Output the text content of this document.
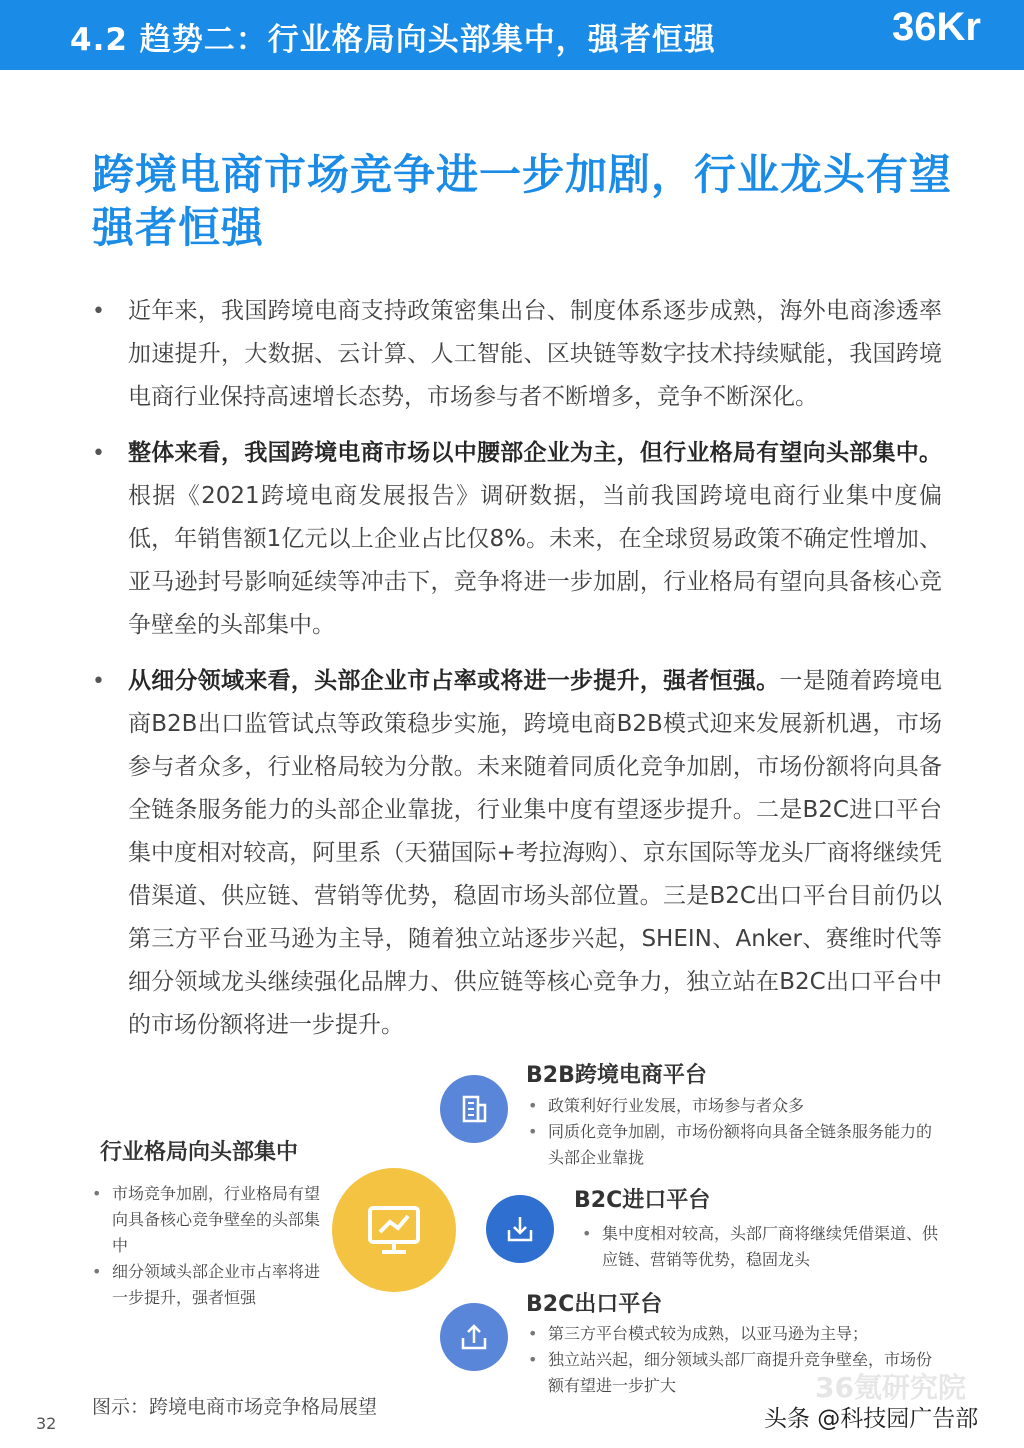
4.2 趋势二：行业格局向头部集中，强者恒强	36Kr
跨境电商市场竞争进一步加剧，行业龙头有望
强者恒强
• 近年来，我国跨境电商支持政策密集出台、制度体系逐步成熟，海外电商渗透率加速提升，大数据、云计算、人工智能、区块链等数字技术持续赋能，我国跨境电商行业保持高速增长态势，市场参与者不断增多，竞争不断深化。
• 整体来看，我国跨境电商市场以中腰部企业为主，但行业格局有望向头部集中。根据《2021跨境电商发展报告》调研数据，当前我国跨境电商行业集中度偏低，年销售额1亿元以上企业占比仅8%。未来，在全球贸易政策不确定性增加、亚马逊封号影响延续等冲击下，竞争将进一步加剧，行业格局有望向具备核心竞争壁垒的头部集中。
• 从细分领域来看，头部企业市占率或将进一步提升，强者恒强。一是随着跨境电商B2B出口监管试点等政策稳步实施，跨境电商B2B模式迎来发展新机遇，市场参与者众多，行业格局较为分散。未来随着同质化竞争加剧，市场份额将向具备全链条服务能力的头部企业靠拢，行业集中度有望逐步提升。二是B2C进口平台集中度相对较高，阿里系（天猫国际+考拉海购）、京东国际等龙头厂商将继续凭借渠道、供应链、营销等优势，稳固市场头部位置。三是B2C出口平台目前仍以第三方平台亚马逊为主导，随着独立站逐步兴起，SHEIN、Anker、赛维时代等细分领域龙头继续强化品牌力、供应链等核心竞争力，独立站在B2C出口平台中的市场份额将进一步提升。
行业格局向头部集中
• 市场竞争加剧，行业格局有望向具备核心竞争壁垒的头部集中
• 细分领域头部企业市占率将进一步提升，强者恒强
B2B跨境电商平台
• 政策利好行业发展，市场参与者众多
• 同质化竞争加剧，市场份额将向具备全链条服务能力的头部企业靠拢
B2C进口平台
• 集中度相对较高，头部厂商将继续凭借渠道、供应链、营销等优势，稳固龙头
B2C出口平台
• 第三方平台模式较为成熟，以亚马逊为主导；
• 独立站兴起，细分领域头部厂商提升竞争壁垒，市场份额有望进一步扩大	36氪研究院
图示：跨境电商市场竞争格局展望
32	头条 @科技园广告部
